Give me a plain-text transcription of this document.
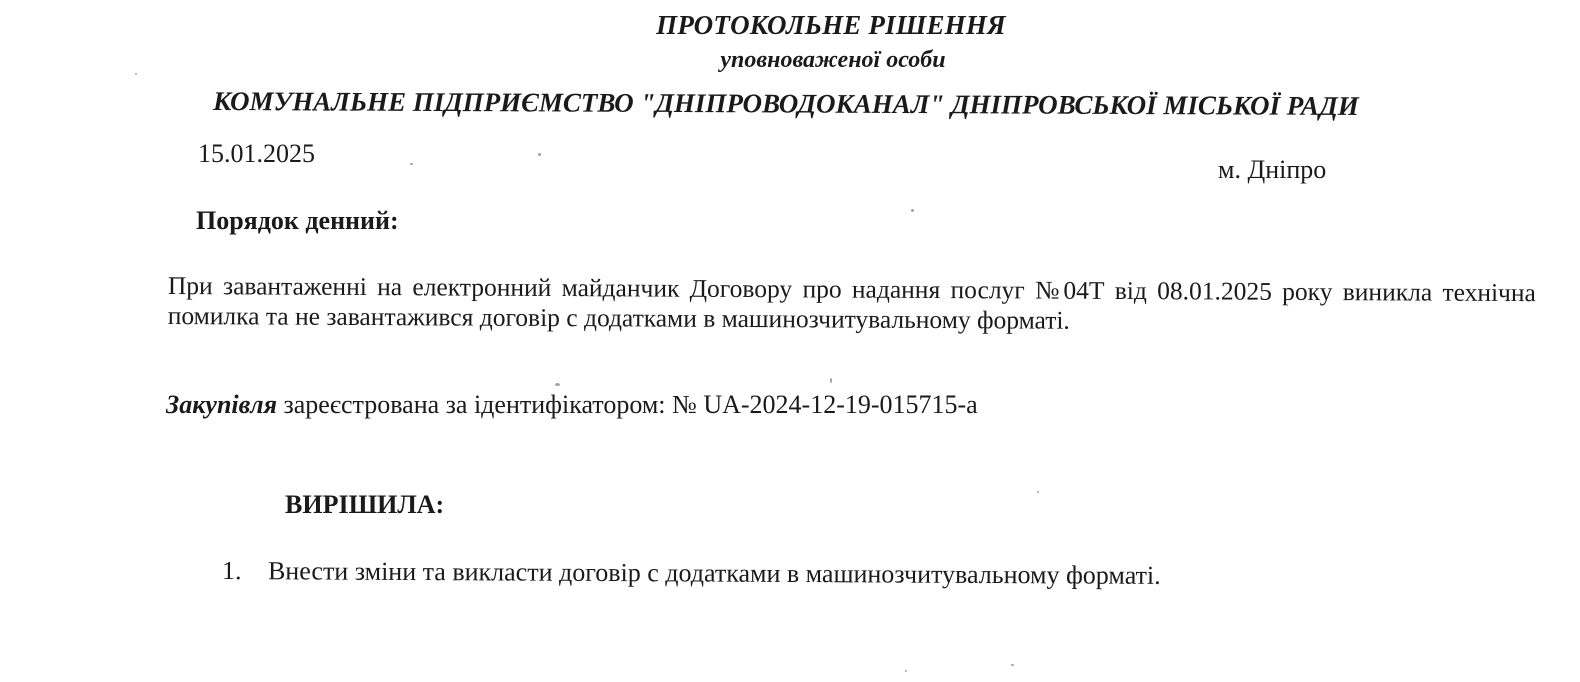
ПРОТОКОЛЬНЕ РІШЕННЯ
уповноваженої особи
КОМУНАЛЬНЕ ПІДПРИЄМСТВО "ДНІПРОВОДОКАНАЛ" ДНІПРОВСЬКОЇ МІСЬКОЇ РАДИ
15.01.2025
м. Дніпро
Порядок денний:
При завантаженні на електронний майданчик Договору про надання послуг №04Т від 08.01.2025 року виникла технічна помилка та не завантажився договір с додатками в машинозчитувальному форматі.
Закупівля зареєстрована за ідентифікатором: № UA-2024-12-19-015715-a
ВИРІШИЛА:
1. Внести зміни та викласти договір с додатками в машинозчитувальному форматі.
